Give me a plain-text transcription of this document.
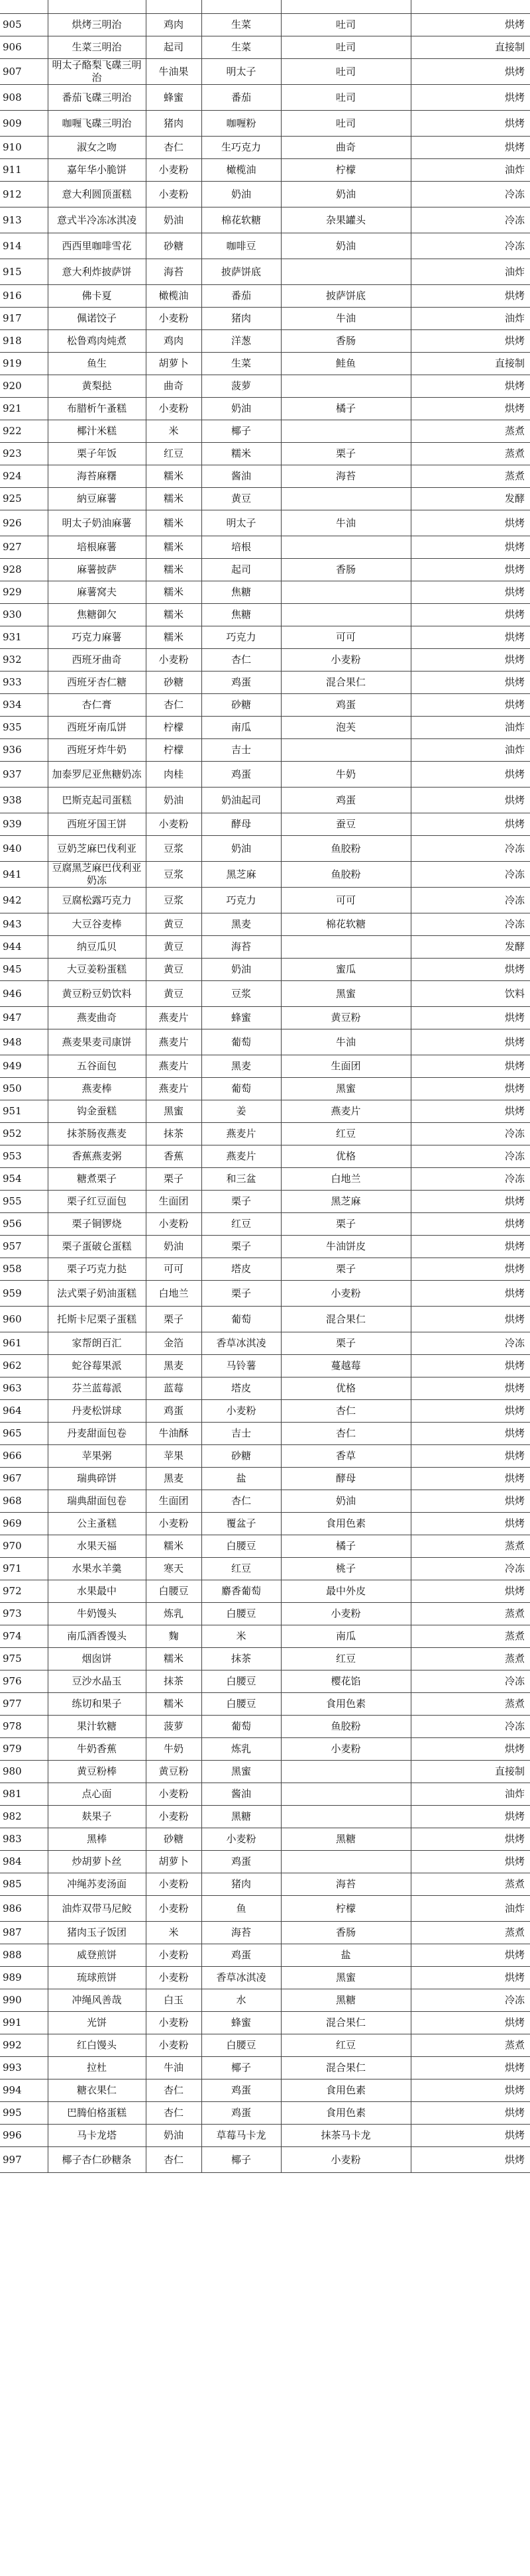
905	烘烤三明治	鸡肉	生菜	吐司	烘烤
906	生菜三明治	起司	生菜	吐司	直接制
907	明太子酪梨飞碟三明治	牛油果	明太子	吐司	烘烤
908	番茄飞碟三明治	蜂蜜	番茄	吐司	烘烤
909	咖喱飞碟三明治	猪肉	咖喱粉	吐司	烘烤
910	淑女之吻	杏仁	生巧克力	曲奇	烘烤
911	嘉年华小脆饼	小麦粉	橄榄油	柠檬	油炸
912	意大利圆顶蛋糕	小麦粉	奶油	奶油	冷冻
913	意式半冷冻冰淇凌	奶油	棉花软糖	杂果罐头	冷冻
914	西西里咖啡雪花	砂糖	咖啡豆	奶油	冷冻
915	意大利炸披萨饼	海苔	披萨饼底		油炸
916	佛卡夏	橄榄油	番茄	披萨饼底	烘烤
917	佩诺饺子	小麦粉	猪肉	牛油	油炸
918	松鲁鸡肉炖煮	鸡肉	洋葱	香肠	烘烤
919	鱼生	胡萝卜	生菜	鲑鱼	直接制
920	黄梨挞	曲奇	菠萝		烘烤
921	布腊析午蚤糕	小麦粉	奶油	橘子	烘烤
922	椰汁米糕	米	椰子		蒸煮
923	栗子年饭	红豆	糯米	栗子	蒸煮
924	海苔麻糬	糯米	酱油	海苔	蒸煮
925	納豆麻薯	糯米	黄豆		发酵
926	明太子奶油麻薯	糯米	明太子	牛油	烘烤
927	培根麻薯	糯米	培根		烘烤
928	麻薯披萨	糯米	起司	香肠	烘烤
929	麻薯窝夫	糯米	焦糖		烘烤
930	焦糖御欠	糯米	焦糖		烘烤
931	巧克力麻薯	糯米	巧克力	可可	烘烤
932	西班牙曲奇	小麦粉	杏仁	小麦粉	烘烤
933	西班牙杏仁糖	砂糖	鸡蛋	混合果仁	烘烤
934	杏仁膏	杏仁	砂糖	鸡蛋	烘烤
935	西班牙南瓜饼	柠檬	南瓜	泡芙	油炸
936	西班牙炸牛奶	柠檬	吉士		油炸
937	加泰罗尼亚焦糖奶冻	肉桂	鸡蛋	牛奶	烘烤
938	巴斯克起司蛋糕	奶油	奶油起司	鸡蛋	烘烤
939	西班牙国王饼	小麦粉	酵母	蚕豆	烘烤
940	豆奶芝麻巴伐利亚	豆浆	奶油	鱼胶粉	冷冻
941	豆腐黑芝麻巴伐利亚奶冻	豆浆	黑芝麻	鱼胶粉	冷冻
942	豆腐松露巧克力	豆浆	巧克力	可可	冷冻
943	大豆谷麦棒	黄豆	黑麦	棉花软糖	冷冻
944	纳豆瓜贝	黄豆	海苔		发酵
945	大豆姜粉蛋糕	黄豆	奶油	蜜瓜	烘烤
946	黄豆粉豆奶饮料	黄豆	豆浆	黑蜜	饮料
947	燕麦曲奇	燕麦片	蜂蜜	黄豆粉	烘烤
948	燕麦果麦司康饼	燕麦片	葡萄	牛油	烘烤
949	五谷面包	燕麦片	黑麦	生面团	烘烤
950	燕麦棒	燕麦片	葡萄	黑蜜	烘烤
951	钩金蚕糕	黑蜜	姜	燕麦片	烘烤
952	抹茶肠夜燕麦	抹茶	燕麦片	红豆	冷冻
953	香蕉燕麦粥	香蕉	燕麦片	优格	冷冻
954	糖煮栗子	栗子	和三盆	白地兰	冷冻
955	栗子红豆面包	生面团	栗子	黑芝麻	烘烤
956	栗子铜锣烧	小麦粉	红豆	栗子	烘烤
957	栗子蛋破仑蛋糕	奶油	栗子	牛油饼皮	烘烤
958	栗子巧克力挞	可可	塔皮	栗子	烘烤
959	法式栗子奶油蛋糕	白地兰	栗子	小麦粉	烘烤
960	托斯卡尼栗子蛋糕	栗子	葡萄	混合果仁	烘烤
961	家帮朗百汇	金箔	香草冰淇凌	栗子	冷冻
962	蛇谷莓果派	黑麦	马铃薯	蔓越莓	烘烤
963	芬兰蓝莓派	蓝莓	塔皮	优格	烘烤
964	丹麦松饼球	鸡蛋	小麦粉	杏仁	烘烤
965	丹麦甜面包卷	牛油酥	吉士	杏仁	烘烤
966	苹果粥	苹果	砂糖	香草	烘烤
967	瑞典碎饼	黑麦	盐	酵母	烘烤
968	瑞典甜面包卷	生面团	杏仁	奶油	烘烤
969	公主蚤糕	小麦粉	覆盆子	食用色素	烘烤
970	水果天福	糯米	白腰豆	橘子	蒸煮
971	水果水羊羹	寒天	红豆	桃子	冷冻
972	水果最中	白腰豆	麝香葡萄	最中外皮	烘烤
973	牛奶馒头	炼乳	白腰豆	小麦粉	蒸煮
974	南瓜酒香馒头	麴	米	南瓜	蒸煮
975	烟囱饼	糯米	抹茶	红豆	蒸煮
976	豆沙水晶玉	抹茶	白腰豆	樱花馅	冷冻
977	练切和果子	糯米	白腰豆	食用色素	蒸煮
978	果汁软糖	菠萝	葡萄	鱼胶粉	冷冻
979	牛奶香蕉	牛奶	炼乳	小麦粉	烘烤
980	黄豆粉棒	黄豆粉	黑蜜		直接制
981	点心面	小麦粉	酱油		油炸
982	麸果子	小麦粉	黑糖		烘烤
983	黑棒	砂糖	小麦粉	黑糖	烘烤
984	炒胡萝卜丝	胡萝卜	鸡蛋		烘烤
985	冲绳苏麦汤面	小麦粉	猪肉	海苔	蒸煮
986	油炸双带马尼鲛	小麦粉	鱼	柠檬	油炸
987	猪肉玉子饭团	米	海苔	香肠	蒸煮
988	威登煎饼	小麦粉	鸡蛋	盐	烘烤
989	琉球煎饼	小麦粉	香草冰淇凌	黑蜜	烘烤
990	冲绳风善哉	白玉	水	黑糖	冷冻
991	光饼	小麦粉	蜂蜜	混合果仁	烘烤
992	红白馒头	小麦粉	白腰豆	红豆	蒸煮
993	拉杜	牛油	椰子	混合果仁	烘烤
994	糖衣果仁	杏仁	鸡蛋	食用色素	烘烤
995	巴腾伯格蛋糕	杏仁	鸡蛋	食用色素	烘烤
996	马卡龙塔	奶油	草莓马卡龙	抹茶马卡龙	烘烤
997	椰子杏仁砂糖条	杏仁	椰子	小麦粉	烘烤
